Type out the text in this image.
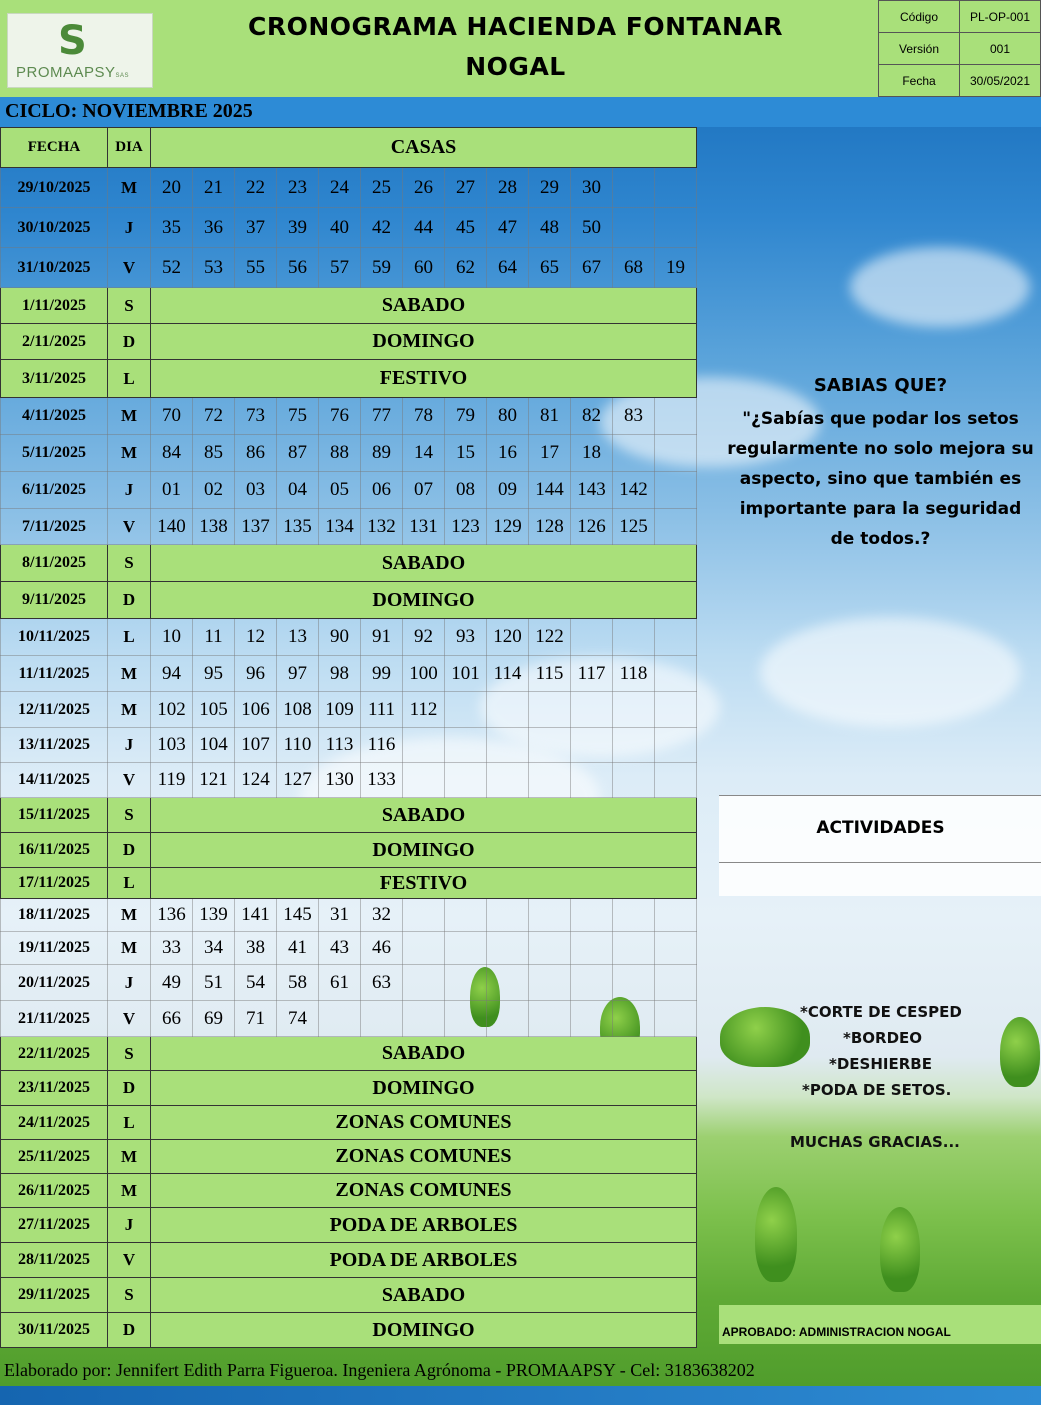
S
PROMAAPSYSAS
CRONOGRAMA HACIENDA FONTANAR
NOGAL
Código	PL-OP-001
Versión	001
Fecha	30/05/2021
CICLO: NOVIEMBRE 2025
FECHA	DIA	CASAS													
29/10/2025	M	20	21	22	23	24	25	26	27	28	29	30			
30/10/2025	J	35	36	37	39	40	42	44	45	47	48	50			
31/10/2025	V	52	53	55	56	57	59	60	62	64	65	67	68	19	
1/11/2025	S	SABADO													
2/11/2025	D	DOMINGO													
3/11/2025	L	FESTIVO													
4/11/2025	M	70	72	73	75	76	77	78	79	80	81	82	83		
5/11/2025	M	84	85	86	87	88	89	14	15	16	17	18			
6/11/2025	J	01	02	03	04	05	06	07	08	09	144	143	142		
7/11/2025	V	140	138	137	135	134	132	131	123	129	128	126	125		
8/11/2025	S	SABADO													
9/11/2025	D	DOMINGO													
10/11/2025	L	10	11	12	13	90	91	92	93	120	122				
11/11/2025	M	94	95	96	97	98	99	100	101	114	115	117	118		
12/11/2025	M	102	105	106	108	109	111	112							
13/11/2025	J	103	104	107	110	113	116								
14/11/2025	V	119	121	124	127	130	133								
15/11/2025	S	SABADO													
16/11/2025	D	DOMINGO													
17/11/2025	L	FESTIVO													
18/11/2025	M	136	139	141	145	31	32								
19/11/2025	M	33	34	38	41	43	46								
20/11/2025	J	49	51	54	58	61	63								
21/11/2025	V	66	69	71	74										
22/11/2025	S	SABADO													
23/11/2025	D	DOMINGO													
24/11/2025	L	ZONAS COMUNES													
25/11/2025	M	ZONAS COMUNES													
26/11/2025	M	ZONAS COMUNES													
27/11/2025	J	PODA DE ARBOLES													
28/11/2025	V	PODA DE ARBOLES													
29/11/2025	S	SABADO													
30/11/2025	D	DOMINGO													
SABIAS QUE?
"¿Sabías que podar los setos regularmente no solo mejora su aspecto, sino que también es importante para la seguridad de todos.?
ACTIVIDADES
*CORTE DE CESPED
*BORDEO
*DESHIERBE
*PODA DE SETOS.
MUCHAS GRACIAS...
APROBADO: ADMINISTRACION NOGAL
Elaborado por: Jennifert Edith Parra Figueroa. Ingeniera Agrónoma - PROMAAPSY - Cel: 3183638202
